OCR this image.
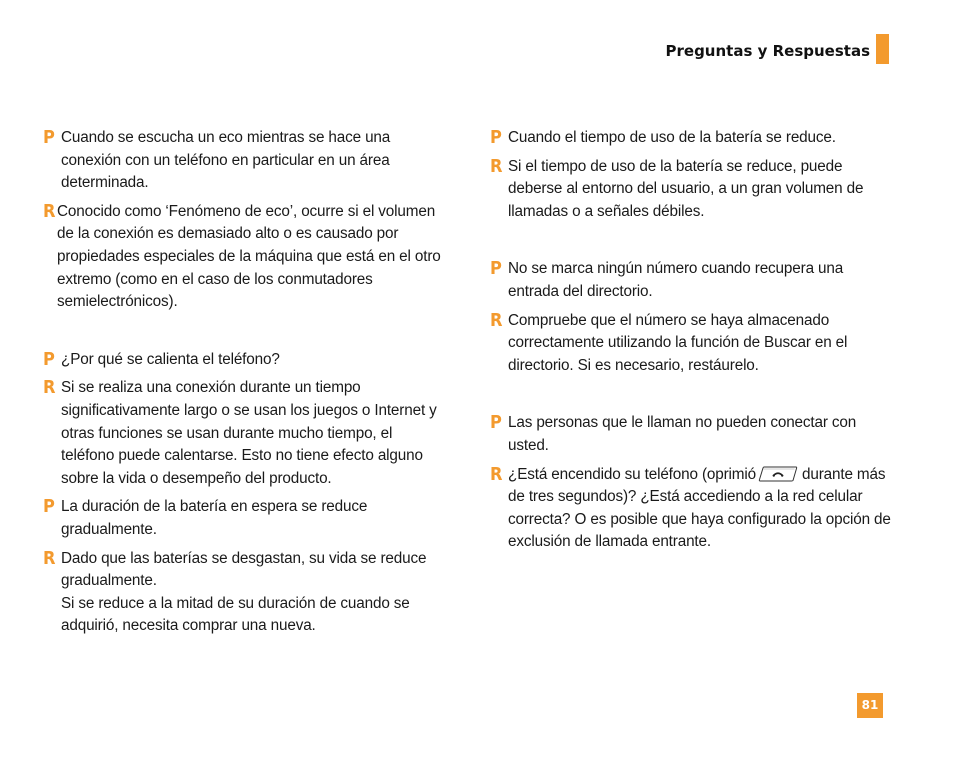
Preguntas y Respuestas
P Cuando se escucha un eco mientras se hace una conexión con un teléfono en particular en un área determinada.
R Conocido como ‘Fenómeno de eco’, ocurre si el volumen de la conexión es demasiado alto o es causado por propiedades especiales de la máquina que está en el otro extremo (como en el caso de los conmutadores semielectrónicos).
P ¿Por qué se calienta el teléfono?
R Si se realiza una conexión durante un tiempo significativamente largo o se usan los juegos o Internet y otras funciones se usan durante mucho tiempo, el teléfono puede calentarse. Esto no tiene efecto alguno sobre la vida o desempeño del producto.
P La duración de la batería en espera se reduce gradualmente.
R Dado que las baterías se desgastan, su vida se reduce gradualmente.
Si se reduce a la mitad de su duración de cuando se adquirió, necesita comprar una nueva.
P Cuando el tiempo de uso de la batería se reduce.
R Si el tiempo de uso de la batería se reduce, puede deberse al entorno del usuario, a un gran volumen de llamadas o a señales débiles.
P No se marca ningún número cuando recupera una entrada del directorio.
R Compruebe que el número se haya almacenado correctamente utilizando la función de Buscar en el directorio. Si es necesario, restáurelo.
P Las personas que le llaman no pueden conectar con usted.
R ¿Está encendido su teléfono (oprimió	durante más de tres segundos)? ¿Está accediendo a la red celular correcta? O es posible que haya configurado la opción de exclusión de llamada entrante.
81
